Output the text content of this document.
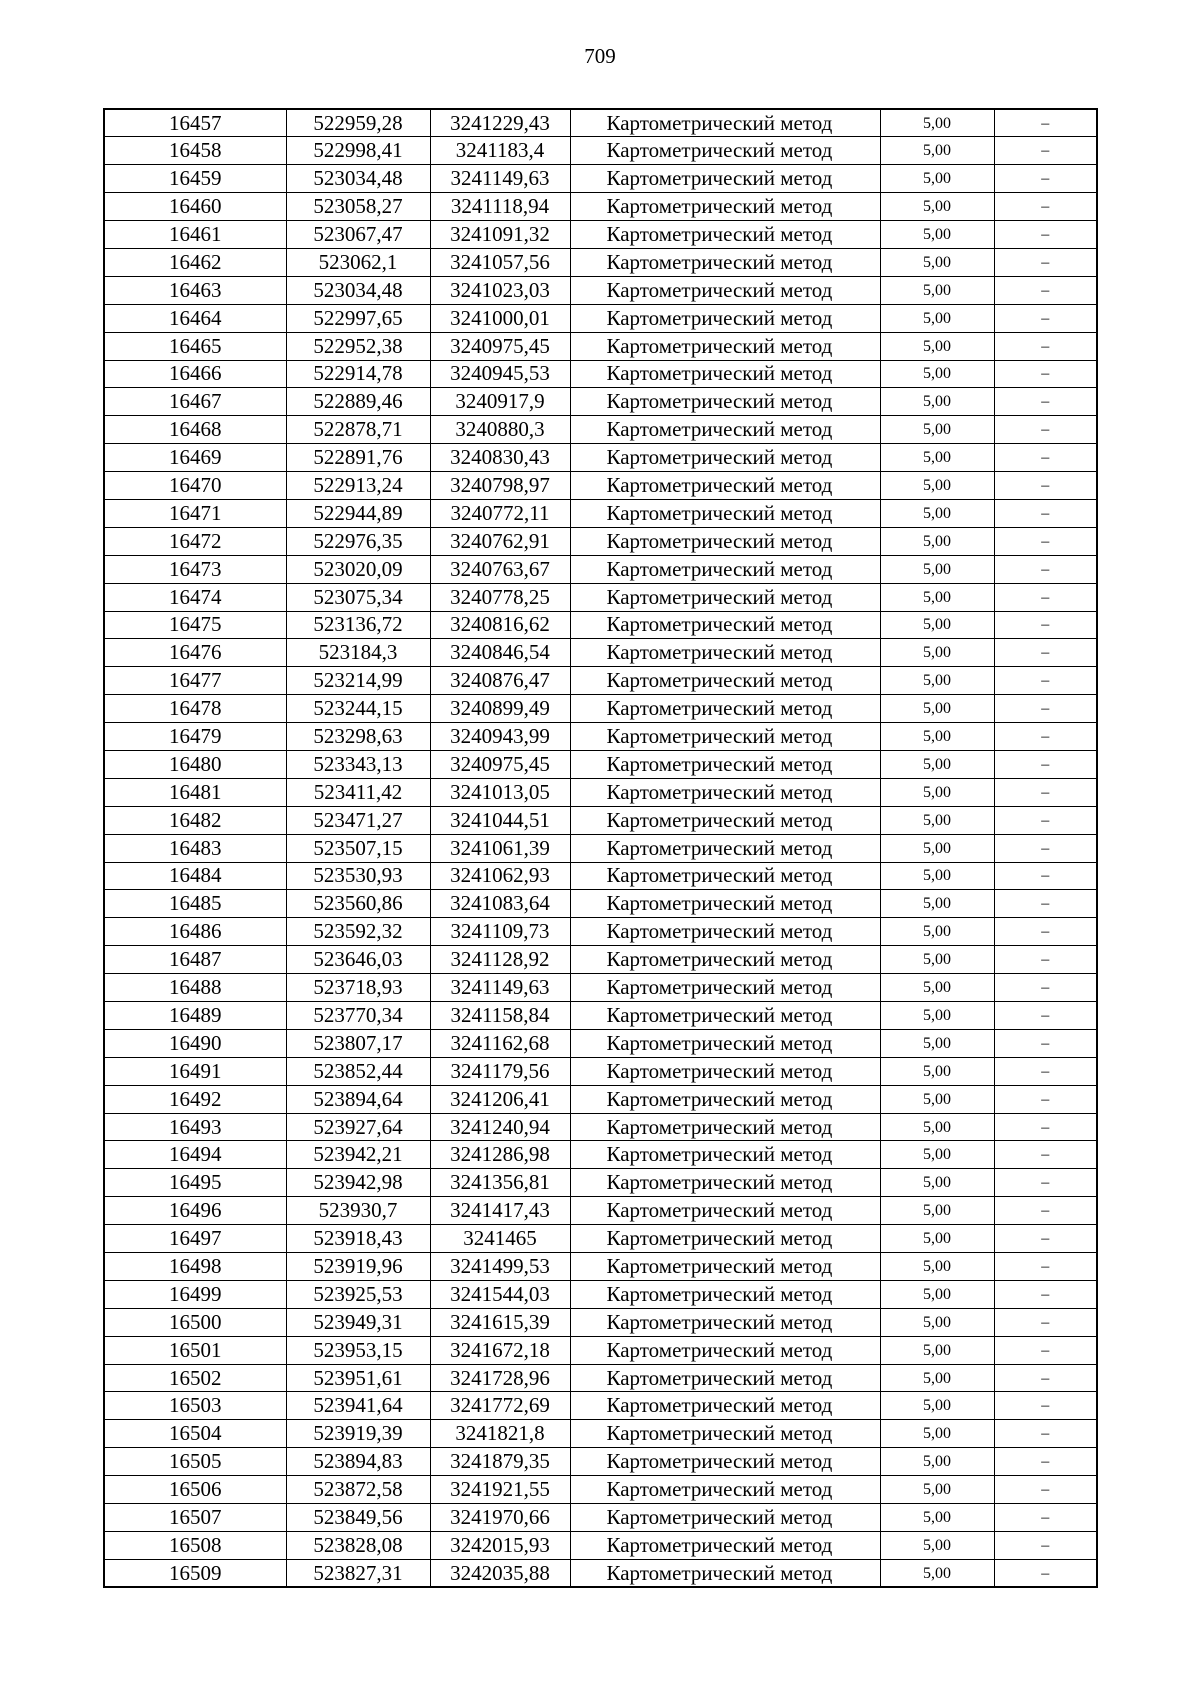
709
16457	522959,28	3241229,43	Картометрический метод	5,00	–
16458	522998,41	3241183,4	Картометрический метод	5,00	–
16459	523034,48	3241149,63	Картометрический метод	5,00	–
16460	523058,27	3241118,94	Картометрический метод	5,00	–
16461	523067,47	3241091,32	Картометрический метод	5,00	–
16462	523062,1	3241057,56	Картометрический метод	5,00	–
16463	523034,48	3241023,03	Картометрический метод	5,00	–
16464	522997,65	3241000,01	Картометрический метод	5,00	–
16465	522952,38	3240975,45	Картометрический метод	5,00	–
16466	522914,78	3240945,53	Картометрический метод	5,00	–
16467	522889,46	3240917,9	Картометрический метод	5,00	–
16468	522878,71	3240880,3	Картометрический метод	5,00	–
16469	522891,76	3240830,43	Картометрический метод	5,00	–
16470	522913,24	3240798,97	Картометрический метод	5,00	–
16471	522944,89	3240772,11	Картометрический метод	5,00	–
16472	522976,35	3240762,91	Картометрический метод	5,00	–
16473	523020,09	3240763,67	Картометрический метод	5,00	–
16474	523075,34	3240778,25	Картометрический метод	5,00	–
16475	523136,72	3240816,62	Картометрический метод	5,00	–
16476	523184,3	3240846,54	Картометрический метод	5,00	–
16477	523214,99	3240876,47	Картометрический метод	5,00	–
16478	523244,15	3240899,49	Картометрический метод	5,00	–
16479	523298,63	3240943,99	Картометрический метод	5,00	–
16480	523343,13	3240975,45	Картометрический метод	5,00	–
16481	523411,42	3241013,05	Картометрический метод	5,00	–
16482	523471,27	3241044,51	Картометрический метод	5,00	–
16483	523507,15	3241061,39	Картометрический метод	5,00	–
16484	523530,93	3241062,93	Картометрический метод	5,00	–
16485	523560,86	3241083,64	Картометрический метод	5,00	–
16486	523592,32	3241109,73	Картометрический метод	5,00	–
16487	523646,03	3241128,92	Картометрический метод	5,00	–
16488	523718,93	3241149,63	Картометрический метод	5,00	–
16489	523770,34	3241158,84	Картометрический метод	5,00	–
16490	523807,17	3241162,68	Картометрический метод	5,00	–
16491	523852,44	3241179,56	Картометрический метод	5,00	–
16492	523894,64	3241206,41	Картометрический метод	5,00	–
16493	523927,64	3241240,94	Картометрический метод	5,00	–
16494	523942,21	3241286,98	Картометрический метод	5,00	–
16495	523942,98	3241356,81	Картометрический метод	5,00	–
16496	523930,7	3241417,43	Картометрический метод	5,00	–
16497	523918,43	3241465	Картометрический метод	5,00	–
16498	523919,96	3241499,53	Картометрический метод	5,00	–
16499	523925,53	3241544,03	Картометрический метод	5,00	–
16500	523949,31	3241615,39	Картометрический метод	5,00	–
16501	523953,15	3241672,18	Картометрический метод	5,00	–
16502	523951,61	3241728,96	Картометрический метод	5,00	–
16503	523941,64	3241772,69	Картометрический метод	5,00	–
16504	523919,39	3241821,8	Картометрический метод	5,00	–
16505	523894,83	3241879,35	Картометрический метод	5,00	–
16506	523872,58	3241921,55	Картометрический метод	5,00	–
16507	523849,56	3241970,66	Картометрический метод	5,00	–
16508	523828,08	3242015,93	Картометрический метод	5,00	–
16509	523827,31	3242035,88	Картометрический метод	5,00	–
